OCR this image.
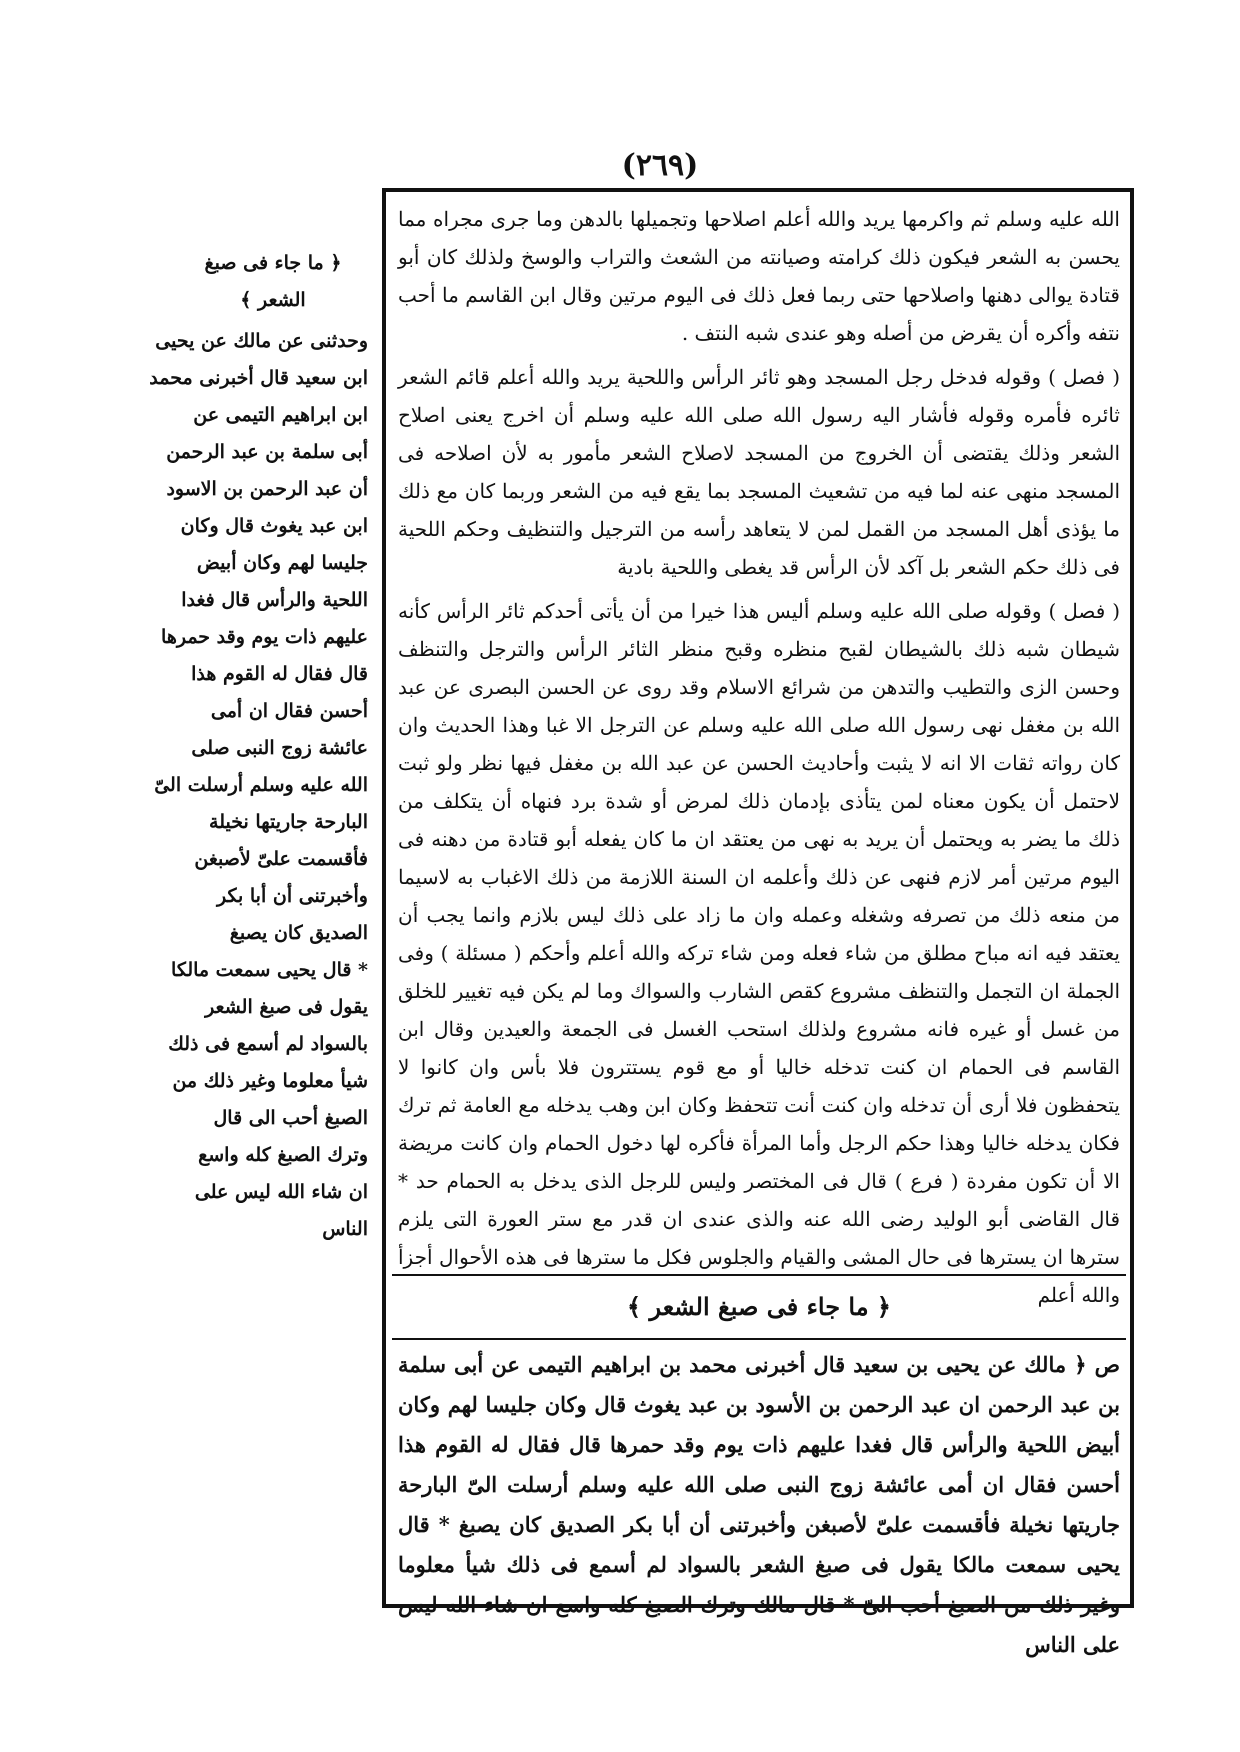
(٢٦٩)

الله عليه وسلم ثم واكرمها يريد والله أعلم اصلاحها وتجميلها بالدهن وما جرى مجراه مما يحسن به الشعر فيكون ذلك كرامته وصيانته من الشعث والتراب والوسخ ولذلك كان أبو قتادة يوالى دهنها واصلاحها حتى ربما فعل ذلك فى اليوم مرتين وقال ابن القاسم ما أحب نتفه وأكره أن يقرض من أصله وهو عندى شبه النتف .

( فصل ) وقوله فدخل رجل المسجد وهو ثائر الرأس واللحية يريد والله أعلم قائم الشعر ثائره فأمره وقوله فأشار اليه رسول الله صلى الله عليه وسلم أن اخرج يعنى اصلاح الشعر وذلك يقتضى أن الخروج من المسجد لاصلاح الشعر مأمور به لأن اصلاحه فى المسجد منهى عنه لما فيه من تشعيث المسجد بما يقع فيه من الشعر وربما كان مع ذلك ما يؤذى أهل المسجد من القمل لمن لا يتعاهد رأسه من الترجيل والتنظيف وحكم اللحية فى ذلك حكم الشعر بل آكد لأن الرأس قد يغطى واللحية بادية

( فصل ) وقوله صلى الله عليه وسلم أليس هذا خيرا من أن يأتى أحدكم ثائر الرأس كأنه شيطان شبه ذلك بالشيطان لقبح منظره وقبح منظر الثائر الرأس والترجل والتنظف وحسن الزى والتطيب والتدهن من شرائع الاسلام وقد روى عن الحسن البصرى عن عبد الله بن مغفل نهى رسول الله صلى الله عليه وسلم عن الترجل الا غبا وهذا الحديث وان كان رواته ثقات الا انه لا يثبت وأحاديث الحسن عن عبد الله بن مغفل فيها نظر ولو ثبت لاحتمل أن يكون معناه لمن يتأذى بإدمان ذلك لمرض أو شدة برد فنهاه أن يتكلف من ذلك ما يضر به ويحتمل أن يريد به نهى من يعتقد ان ما كان يفعله أبو قتادة من دهنه فى اليوم مرتين أمر لازم فنهى عن ذلك وأعلمه ان السنة اللازمة من ذلك الاغباب به لاسيما من منعه ذلك من تصرفه وشغله وعمله وان ما زاد على ذلك ليس بلازم وانما يجب أن يعتقد فيه انه مباح مطلق من شاء فعله ومن شاء تركه والله أعلم وأحكم ( مسئلة ) وفى الجملة ان التجمل والتنظف مشروع كقص الشارب والسواك وما لم يكن فيه تغيير للخلق من غسل أو غيره فانه مشروع ولذلك استحب الغسل فى الجمعة والعيدين وقال ابن القاسم فى الحمام ان كنت تدخله خاليا أو مع قوم يستترون فلا بأس وان كانوا لا يتحفظون فلا أرى أن تدخله وان كنت أنت تتحفظ وكان ابن وهب يدخله مع العامة ثم ترك فكان يدخله خاليا وهذا حكم الرجل وأما المرأة فأكره لها دخول الحمام وان كانت مريضة الا أن تكون مفردة ( فرع ) قال فى المختصر وليس للرجل الذى يدخل به الحمام حد * قال القاضى أبو الوليد رضى الله عنه والذى عندى ان قدر مع ستر العورة التى يلزم سترها ان يسترها فى حال المشى والقيام والجلوس فكل ما سترها فى هذه الأحوال أجزأ والله أعلم

﴿ ما جاء فى صبغ الشعر ﴾
ص ﴿ مالك عن يحيى بن سعيد قال أخبرنى محمد بن ابراهيم التيمى عن أبى سلمة بن عبد الرحمن ان عبد الرحمن بن الأسود بن عبد يغوث قال وكان جليسا لهم وكان أبيض اللحية والرأس قال فغدا عليهم ذات يوم وقد حمرها قال فقال له القوم هذا أحسن فقال ان أمى عائشة زوج النبى صلى الله عليه وسلم أرسلت الىّ البارحة جاريتها نخيلة فأقسمت علىّ لأصبغن وأخبرتنى أن أبا بكر الصديق كان يصبغ * قال يحيى سمعت مالكا يقول فى صبغ الشعر بالسواد لم أسمع فى ذلك شيأ معلوما وغير ذلك من الصبغ أحب الىّ * قال مالك وترك الصبغ كله واسع ان شاء الله ليس على الناس
﴿ ما جاء فى صبغ الشعر ﴾
وحدثنى عن مالك عن يحيى
ابن سعيد قال أخبرنى محمد
ابن ابراهيم التيمى عن
أبى سلمة بن عبد الرحمن
أن عبد الرحمن بن الاسود
ابن عبد يغوث قال وكان
جليسا لهم وكان أبيض
اللحية والرأس قال فغدا
عليهم ذات يوم وقد حمرها
قال فقال له القوم هذا
أحسن فقال ان أمى
عائشة زوج النبى صلى
الله عليه وسلم أرسلت الىّ
البارحة جاريتها نخيلة
فأقسمت علىّ لأصبغن
وأخبرتنى أن أبا بكر
الصديق كان يصبغ
* قال يحيى سمعت مالكا
يقول فى صبغ الشعر
بالسواد لم أسمع فى ذلك
شيأ معلوما وغير ذلك من
الصبغ أحب الى قال
وترك الصبغ كله واسع
ان شاء الله ليس على
الناس
